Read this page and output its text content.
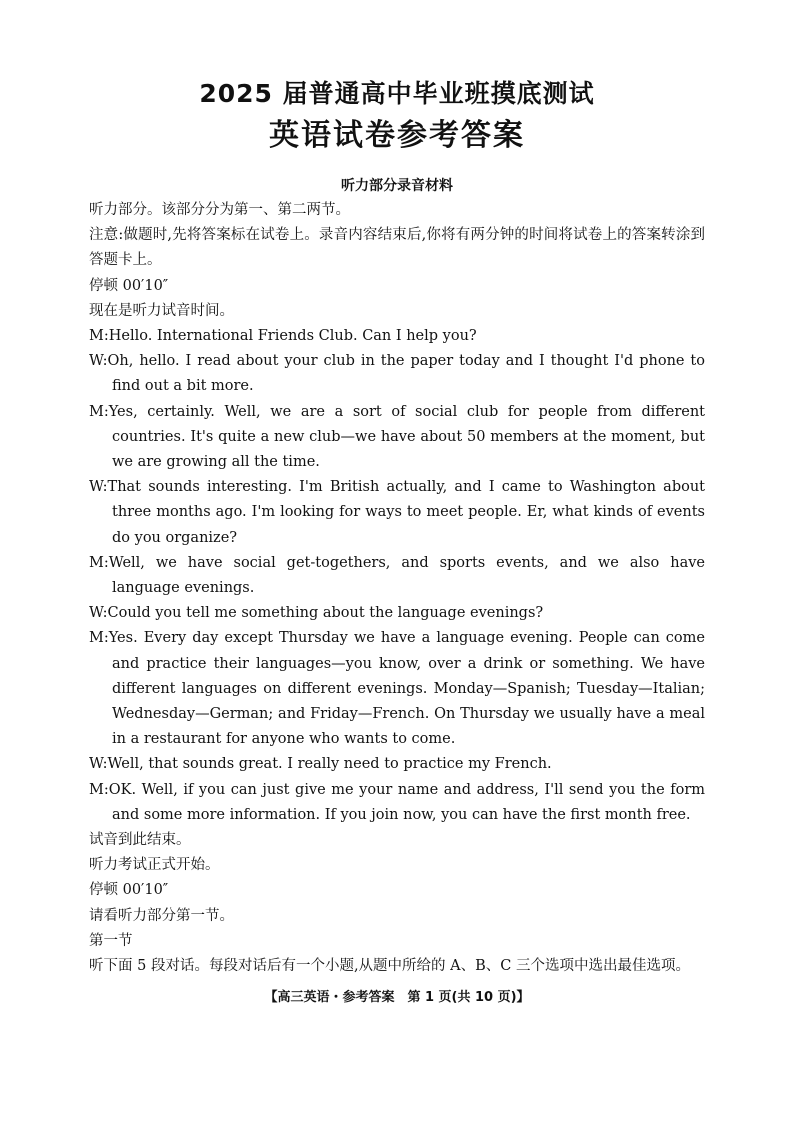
2025 届普通高中毕业班摸底测试
英语试卷参考答案
听力部分录音材料

听力部分。该部分分为第一、第二两节。

注意:做题时,先将答案标在试卷上。录音内容结束后,你将有两分钟的时间将试卷上的答案转涂到答题卡上。

停顿 00′10″

现在是听力试音时间。

M:Hello. International Friends Club. Can I help you?

W:Oh, hello. I read about your club in the paper today and I thought I'd phone to find out a bit more.

M:Yes, certainly. Well, we are a sort of social club for people from different countries. It's quite a new club—we have about 50 members at the moment, but we are growing all the time.

W:That sounds interesting. I'm British actually, and I came to Washington about three months ago. I'm looking for ways to meet people. Er, what kinds of events do you organize?

M:Well, we have social get-togethers, and sports events, and we also have language evenings.

W:Could you tell me something about the language evenings?

M:Yes. Every day except Thursday we have a language evening. People can come and practice their languages—you know, over a drink or something. We have different languages on different evenings. Monday—Spanish; Tuesday—Italian; Wednesday—German; and Friday—French. On Thursday we usually have a meal in a restaurant for anyone who wants to come.

W:Well, that sounds great. I really need to practice my French.

M:OK. Well, if you can just give me your name and address, I'll send you the form and some more information. If you join now, you can have the first month free.

试音到此结束。

听力考试正式开始。

停顿 00′10″

请看听力部分第一节。

第一节

听下面 5 段对话。每段对话后有一个小题,从题中所给的 A、B、C 三个选项中选出最佳选项。

【高三英语・参考答案　第 1 页(共 10 页)】
